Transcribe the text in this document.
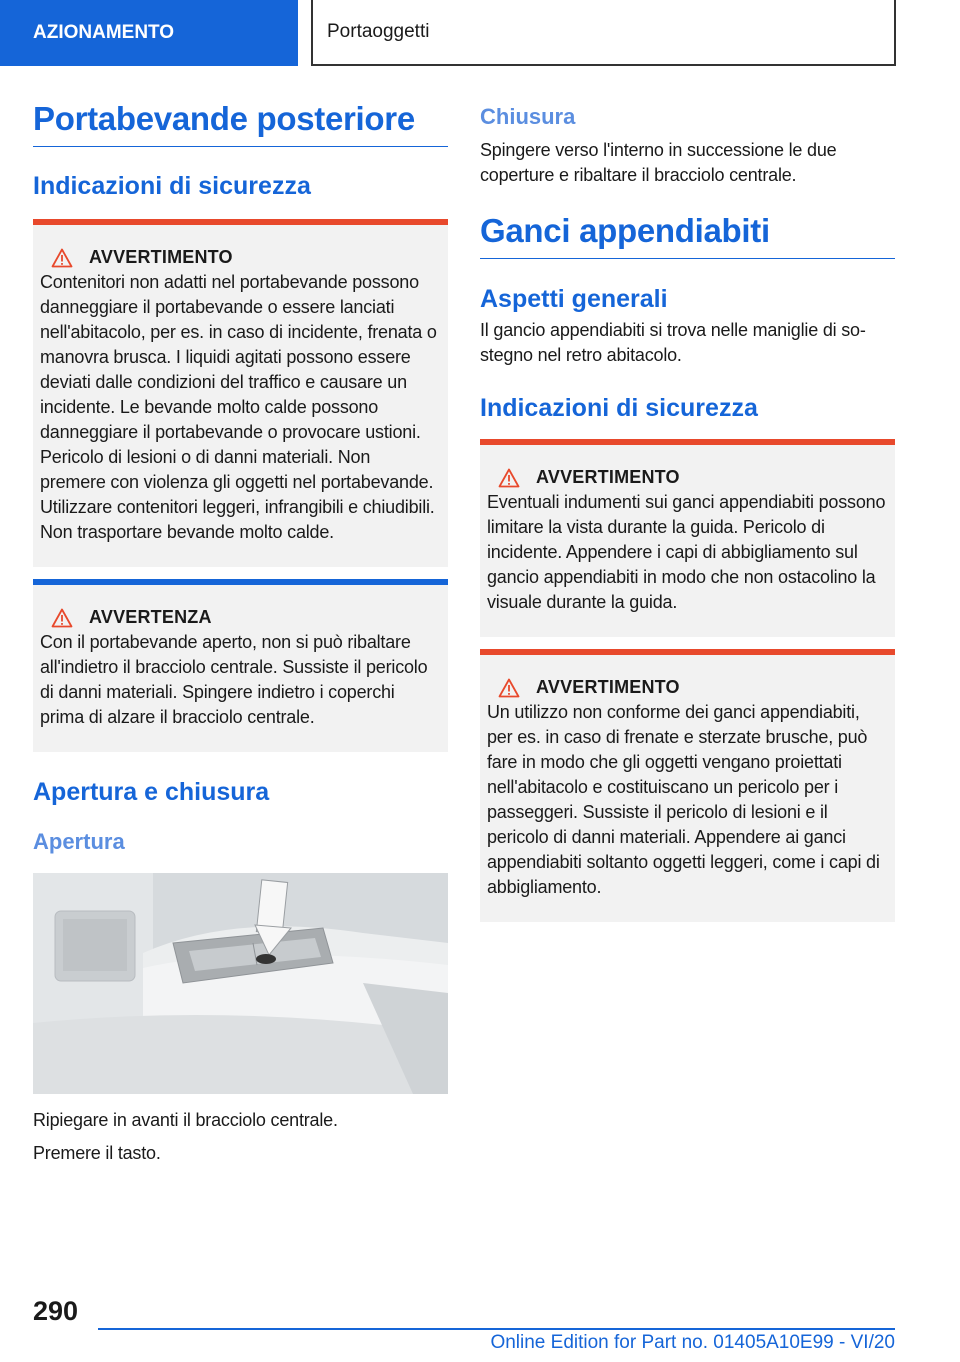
AZIONAMENTO	Portaoggetti
Portabevande posteriore
Indicazioni di sicurezza
AVVERTIMENTO

Contenitori non adatti nel portabevande possono danneggiare il portabevande o essere lanciati nell'abitacolo, per es. in caso di incidente, frenata o manovra brusca. I liquidi agitati possono essere deviati dalle condizioni del traffico e causare un incidente. Le bevande molto calde possono danneggiare il portabevande o provocare ustioni. Pericolo di lesioni o di danni materiali. Non premere con violenza gli oggetti nel portabevande. Utilizzare contenitori leggeri, infrangibili e chiudibili. Non trasportare bevande molto calde.

AVVERTENZA

Con il portabevande aperto, non si può ribaltare all'indietro il bracciolo centrale. Sussiste il pericolo di danni materiali. Spingere indietro i coperchi prima di alzare il bracciolo centrale.

Apertura e chiusura
Apertura

Ripiegare in avanti il bracciolo centrale.

Premere il tasto.

Chiusura

Spingere verso l'interno in successione le due coperture e ribaltare il bracciolo centrale.

Ganci appendiabiti
Aspetti generali

Il gancio appendiabiti si trova nelle maniglie di sostegno nel retro abitacolo.

Indicazioni di sicurezza
AVVERTIMENTO

Eventuali indumenti sui ganci appendiabiti possono limitare la vista durante la guida. Pericolo di incidente. Appendere i capi di abbigliamento sul gancio appendiabiti in modo che non ostacolino la visuale durante la guida.

AVVERTIMENTO

Un utilizzo non conforme dei ganci appendiabiti, per es. in caso di frenate e sterzate brusche, può fare in modo che gli oggetti vengano proiettati nell'abitacolo e costituiscano un pericolo per i passeggeri. Sussiste il pericolo di lesioni e il pericolo di danni materiali. Appendere ai ganci appendiabiti soltanto oggetti leggeri, come i capi di abbigliamento.

290
Online Edition for Part no. 01405A10E99 - VI/20
